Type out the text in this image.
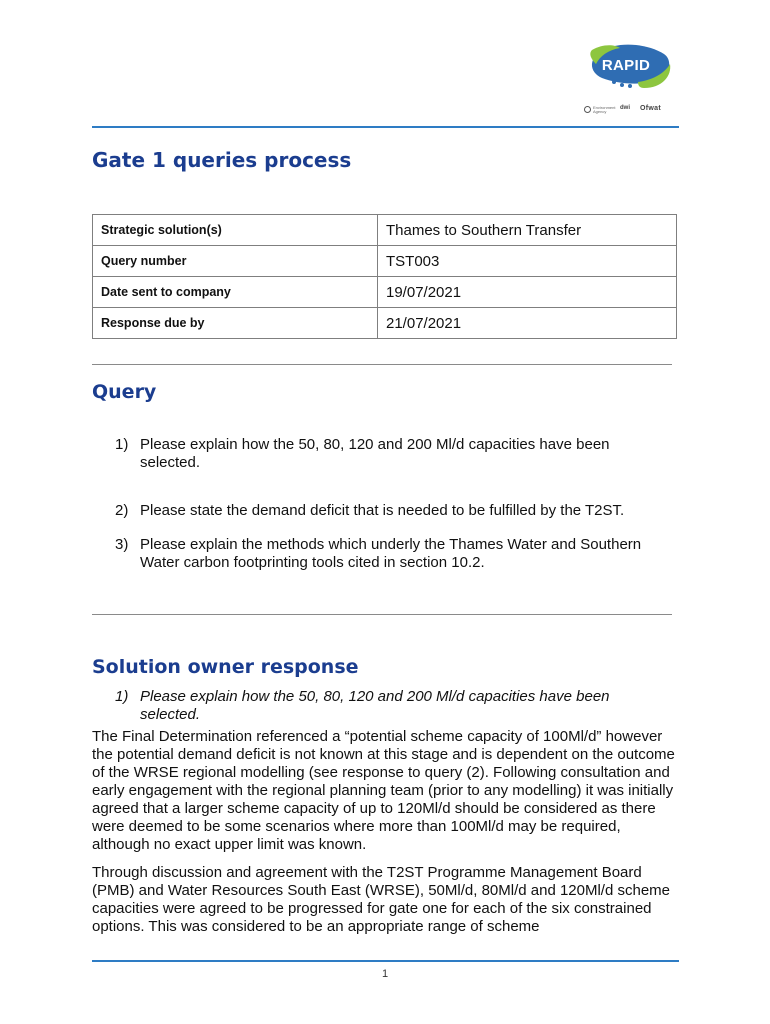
RAPID
Environment Agency
dwi Ofwat
Gate 1 queries process
Strategic solution(s)	Thames to Southern Transfer
Query number	TST003
Date sent to company	19/07/2021
Response due by	21/07/2021
Query
1) Please explain how the 50, 80, 120 and 200 Ml/d capacities have been selected.
2) Please state the demand deficit that is needed to be fulfilled by the T2ST.
3) Please explain the methods which underly the Thames Water and Southern Water carbon footprinting tools cited in section 10.2.
Solution owner response
1) Please explain how the 50, 80, 120 and 200 Ml/d capacities have been selected.

The Final Determination referenced a “potential scheme capacity of 100Ml/d” however the potential demand deficit is not known at this stage and is dependent on the outcome of the WRSE regional modelling (see response to query (2). Following consultation and early engagement with the regional planning team (prior to any modelling) it was initially agreed that a larger scheme capacity of up to 120Ml/d should be considered as there were deemed to be some scenarios where more than 100Ml/d may be required, although no exact upper limit was known.

Through discussion and agreement with the T2ST Programme Management Board (PMB) and Water Resources South East (WRSE), 50Ml/d, 80Ml/d and 120Ml/d scheme capacities were agreed to be progressed for gate one for each of the six constrained options. This was considered to be an appropriate range of scheme

1
